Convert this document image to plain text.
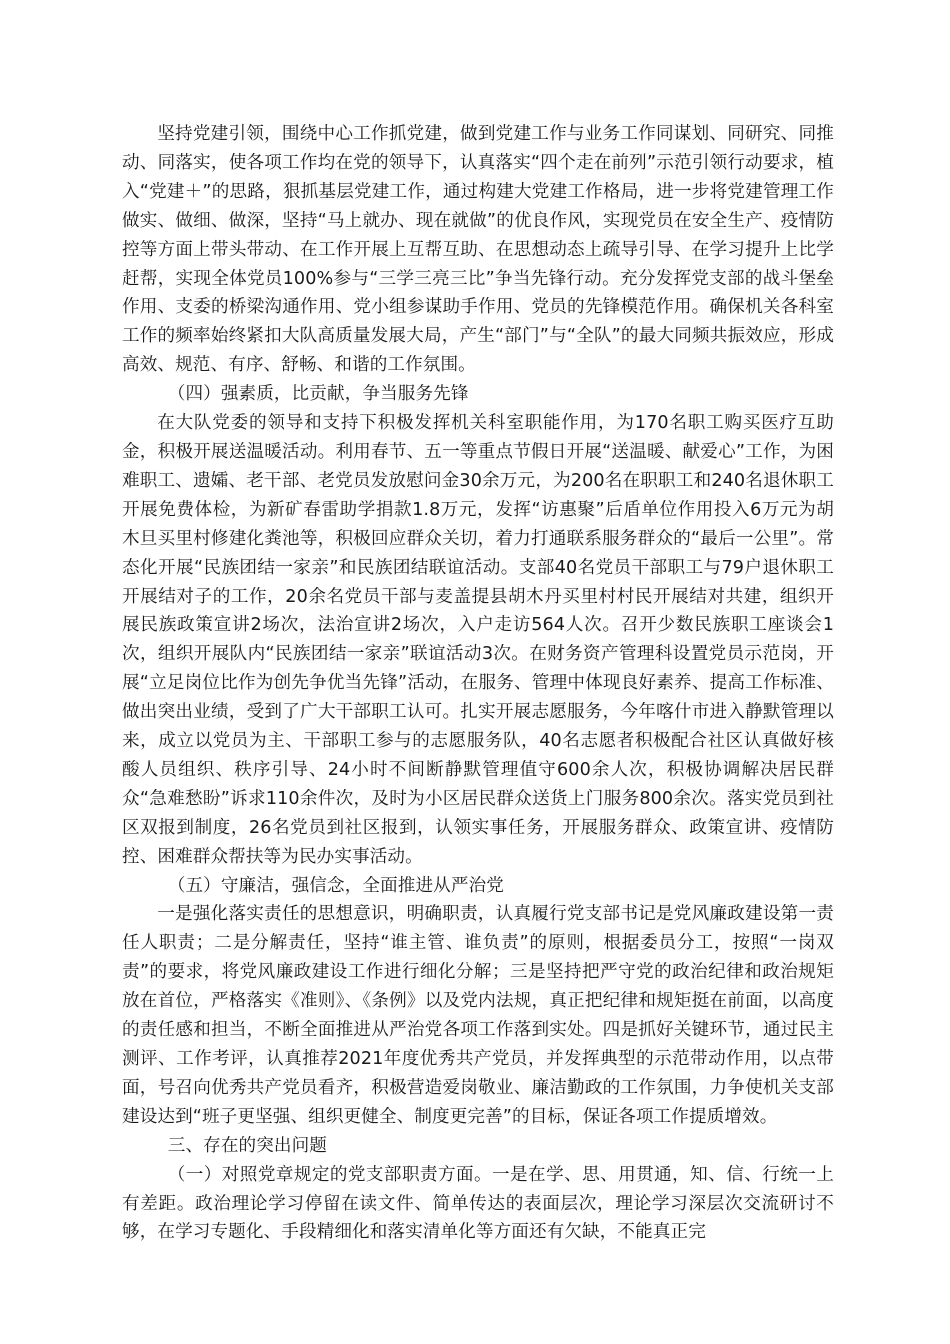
坚持党建引领，围绕中心工作抓党建，做到党建工作与业务工作同谋划、同研究、同推动、同落实，使各项工作均在党的领导下，认真落实“四个走在前列”示范引领行动要求，植入“党建＋”的思路，狠抓基层党建工作，通过构建大党建工作格局，进一步将党建管理工作做实、做细、做深，坚持“马上就办、现在就做”的优良作风，实现党员在安全生产、疫情防控等方面上带头带动、在工作开展上互帮互助、在思想动态上疏导引导、在学习提升上比学赶帮，实现全体党员100%参与“三学三亮三比”争当先锋行动。充分发挥党支部的战斗堡垒作用、支委的桥梁沟通作用、党小组参谋助手作用、党员的先锋模范作用。确保机关各科室工作的频率始终紧扣大队高质量发展大局，产生“部门”与“全队”的最大同频共振效应，形成高效、规范、有序、舒畅、和谐的工作氛围。

（四）强素质，比贡献，争当服务先锋

在大队党委的领导和支持下积极发挥机关科室职能作用，为170名职工购买医疗互助金，积极开展送温暖活动。利用春节、五一等重点节假日开展“送温暖、献爱心”工作，为困难职工、遗孀、老干部、老党员发放慰问金30余万元，为200名在职职工和240名退休职工开展免费体检，为新矿春雷助学捐款1.8万元，发挥“访惠聚”后盾单位作用投入6万元为胡木旦买里村修建化粪池等，积极回应群众关切，着力打通联系服务群众的“最后一公里”。常态化开展“民族团结一家亲”和民族团结联谊活动。支部40名党员干部职工与79户退休职工开展结对子的工作，20余名党员干部与麦盖提县胡木丹买里村村民开展结对共建，组织开展民族政策宣讲2场次，法治宣讲2场次，入户走访564人次。召开少数民族职工座谈会1次，组织开展队内“民族团结一家亲”联谊活动3次。在财务资产管理科设置党员示范岗，开展“立足岗位比作为创先争优当先锋”活动，在服务、管理中体现良好素养、提高工作标准、做出突出业绩，受到了广大干部职工认可。扎实开展志愿服务，今年喀什市进入静默管理以来，成立以党员为主、干部职工参与的志愿服务队，40名志愿者积极配合社区认真做好核酸人员组织、秩序引导、24小时不间断静默管理值守600余人次，积极协调解决居民群众“急难愁盼”诉求110余件次，及时为小区居民群众送货上门服务800余次。落实党员到社区双报到制度，26名党员到社区报到，认领实事任务，开展服务群众、政策宣讲、疫情防控、困难群众帮扶等为民办实事活动。

（五）守廉洁，强信念，全面推进从严治党

一是强化落实责任的思想意识，明确职责，认真履行党支部书记是党风廉政建设第一责任人职责；二是分解责任，坚持“谁主管、谁负责”的原则，根据委员分工，按照“一岗双责”的要求，将党风廉政建设工作进行细化分解；三是坚持把严守党的政治纪律和政治规矩放在首位，严格落实《准则》、《条例》以及党内法规，真正把纪律和规矩挺在前面，以高度的责任感和担当，不断全面推进从严治党各项工作落到实处。四是抓好关键环节，通过民主测评、工作考评，认真推荐2021年度优秀共产党员，并发挥典型的示范带动作用，以点带面，号召向优秀共产党员看齐，积极营造爱岗敬业、廉洁勤政的工作氛围，力争使机关支部建设达到“班子更坚强、组织更健全、制度更完善”的目标，保证各项工作提质增效。

三、存在的突出问题

（一）对照党章规定的党支部职责方面。一是在学、思、用贯通，知、信、行统一上有差距。政治理论学习停留在读文件、简单传达的表面层次，理论学习深层次交流研讨不够，在学习专题化、手段精细化和落实清单化等方面还有欠缺，不能真正完
